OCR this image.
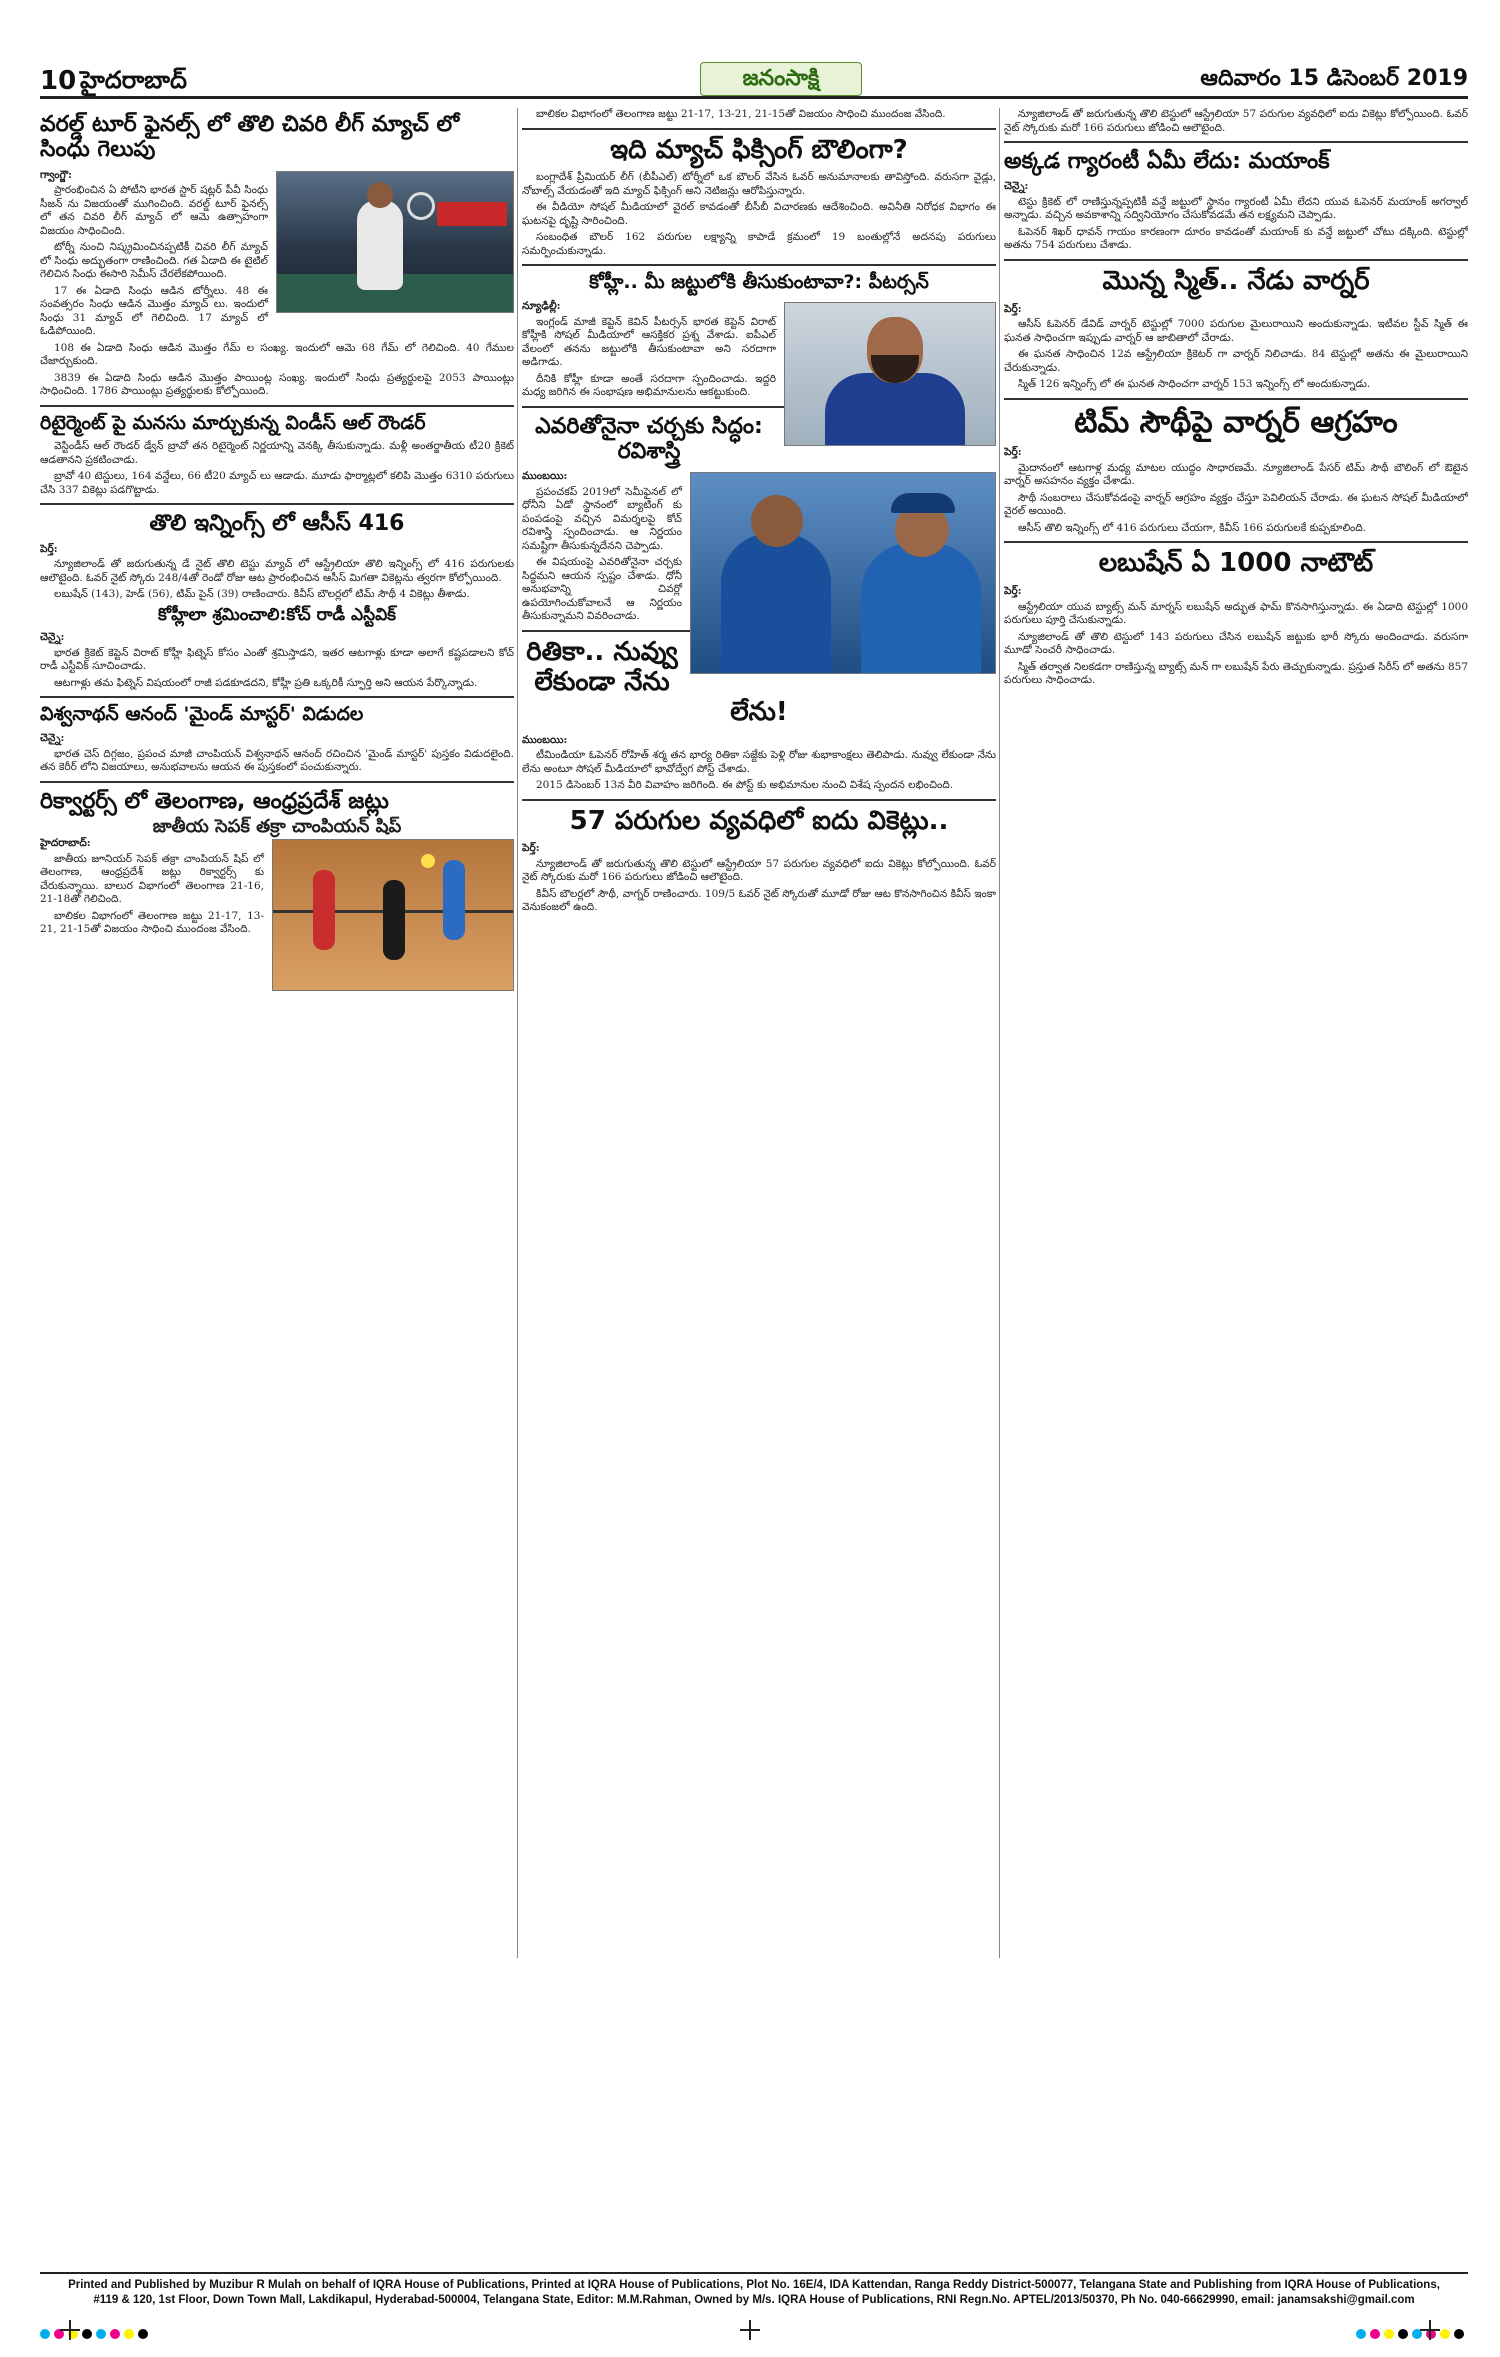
10 హైదరాబాద్	జనంసాక్షి	ఆదివారం 15 డిసెంబర్ 2019
వరల్డ్ టూర్ ఫైనల్స్ లో తొలి చివరి లీగ్ మ్యాచ్ లో సింధు గెలుపు
గ్వాంగ్జౌ:

ప్రారంభించిన ఏ పోటీని భారత స్టార్ షట్లర్ పీవీ సింధు సీజన్ ను విజయంతో ముగించింది. వరల్డ్ టూర్ ఫైనల్స్ లో తన చివరి లీగ్ మ్యాచ్ లో ఆమె ఉత్సాహంగా విజయం సాధించింది.

టోర్నీ నుంచి నిష్క్రమించినప్పటికీ చివరి లీగ్ మ్యాచ్ లో సింధు అద్భుతంగా రాణించింది. గత ఏడాది ఈ టైటిల్ గెలిచిన సింధు ఈసారి సెమీస్ చేరలేకపోయింది.

17 ఈ ఏడాది సింధు ఆడిన టోర్నీలు. 48 ఈ సంవత్సరం సింధు ఆడిన మొత్తం మ్యాచ్ లు. ఇందులో సింధు 31 మ్యాచ్ లో గెలిచింది. 17 మ్యాచ్ లో ఓడిపోయింది.

108 ఈ ఏడాది సింధు ఆడిన మొత్తం గేమ్ ల సంఖ్య. ఇందులో ఆమె 68 గేమ్ లో గెలిచింది. 40 గేముల చేజార్చుకుంది.

3839 ఈ ఏడాది సింధు ఆడిన మొత్తం పాయింట్ల సంఖ్య. ఇందులో సింధు ప్రత్యర్థులపై 2053 పాయింట్లు సాధించింది. 1786 పాయింట్లు ప్రత్యర్థులకు కోల్పోయింది.

రిటైర్మెంట్ పై మనసు మార్చుకున్న విండీస్ ఆల్ రౌండర్

వెస్టిండీస్ ఆల్ రౌండర్ డ్వేన్ బ్రావో తన రిటైర్మెంట్ నిర్ణయాన్ని వెనక్కి తీసుకున్నాడు. మళ్లీ అంతర్జాతీయ టీ20 క్రికెట్ ఆడతానని ప్రకటించాడు.

బ్రావో 40 టెస్టులు, 164 వన్డేలు, 66 టీ20 మ్యాచ్ లు ఆడాడు. మూడు ఫార్మాట్లలో కలిపి మొత్తం 6310 పరుగులు చేసి 337 వికెట్లు పడగొట్టాడు.

తొలి ఇన్నింగ్స్ లో ఆసీస్ 416
పెర్త్:

న్యూజిలాండ్ తో జరుగుతున్న డే నైట్ తొలి టెస్టు మ్యాచ్ లో ఆస్ట్రేలియా తొలి ఇన్నింగ్స్ లో 416 పరుగులకు ఆలౌటైంది. ఓవర్ నైట్ స్కోరు 248/4తో రెండో రోజు ఆట ప్రారంభించిన ఆసీస్ మిగతా వికెట్లను త్వరగా కోల్పోయింది.

లబుషేన్ (143), హెడ్ (56), టిమ్ పైన్ (39) రాణించారు. కివీస్ బౌలర్లలో టిమ్ సౌథీ 4 వికెట్లు తీశాడు.

కోహ్లీలా శ్రమించాలి:కోచ్ రాడీ ఎస్టీవిక్
చెన్నై:

భారత క్రికెట్ కెప్టెన్ విరాట్ కోహ్లీ ఫిట్నెస్ కోసం ఎంతో శ్రమిస్తాడని, ఇతర ఆటగాళ్లు కూడా అలాగే కష్టపడాలని కోచ్ రాడీ ఎస్టీవిక్ సూచించాడు.

ఆటగాళ్లు తమ ఫిట్నెస్ విషయంలో రాజీ పడకూడదని, కోహ్లీ ప్రతి ఒక్కరికీ స్ఫూర్తి అని ఆయన పేర్కొన్నాడు.

విశ్వనాథన్ ఆనంద్ 'మైండ్ మాస్టర్' విడుదల
చెన్నై:

భారత చెస్ దిగ్గజం, ప్రపంచ మాజీ చాంపియన్ విశ్వనాథన్ ఆనంద్ రచించిన 'మైండ్ మాస్టర్' పుస్తకం విడుదలైంది. తన కెరీర్ లోని విజయాలు, అనుభవాలను ఆయన ఈ పుస్తకంలో పంచుకున్నారు.

రిక్వార్టర్స్ లో తెలంగాణ, ఆంధ్రప్రదేశ్ జట్లు
జాతీయ సెపక్ తక్రా చాంపియన్ షిప్
హైదరాబాద్:

జాతీయ జూనియర్ సెపక్ తక్రా చాంపియన్ షిప్ లో తెలంగాణ, ఆంధ్రప్రదేశ్ జట్లు రిక్వార్టర్స్ కు చేరుకున్నాయి. బాలుర విభాగంలో తెలంగాణ 21-16, 21-18తో గెలిచింది.

బాలికల విభాగంలో తెలంగాణ జట్టు 21-17, 13-21, 21-15తో విజయం సాధించి ముందంజ వేసింది.

బాలికల విభాగంలో తెలంగాణ జట్టు 21-17, 13-21, 21-15తో విజయం సాధించి ముందంజ వేసింది.

ఇది మ్యాచ్ ఫిక్సింగ్ బౌలింగా?

బంగ్లాదేశ్ ప్రీమియర్ లీగ్ (బీపీఎల్) టోర్నీలో ఒక బౌలర్ వేసిన ఓవర్ అనుమానాలకు తావిస్తోంది. వరుసగా వైడ్లు, నోబాల్స్ వేయడంతో ఇది మ్యాచ్ ఫిక్సింగ్ అని నెటిజన్లు ఆరోపిస్తున్నారు.

ఈ వీడియో సోషల్ మీడియాలో వైరల్ కావడంతో బీసీబీ విచారణకు ఆదేశించింది. అవినీతి నిరోధక విభాగం ఈ ఘటనపై దృష్టి సారించింది.

సంబంధిత బౌలర్ 162 పరుగుల లక్ష్యాన్ని కాపాడే క్రమంలో 19 బంతుల్లోనే అదనపు పరుగులు సమర్పించుకున్నాడు.

కోహ్లీ.. మీ జట్టులోకి తీసుకుంటావా?: పీటర్సన్
న్యూఢిల్లీ:

ఇంగ్లండ్ మాజీ కెప్టెన్ కెవిన్ పీటర్సన్ భారత కెప్టెన్ విరాట్ కోహ్లీకి సోషల్ మీడియాలో ఆసక్తికర ప్రశ్న వేశాడు. ఐపీఎల్ వేలంలో తనను జట్టులోకి తీసుకుంటావా అని సరదాగా అడిగాడు.

దీనికి కోహ్లీ కూడా అంతే సరదాగా స్పందించాడు. ఇద్దరి మధ్య జరిగిన ఈ సంభాషణ అభిమానులను ఆకట్టుకుంది.

ఎవరితోనైనా చర్చకు సిద్ధం: రవిశాస్త్రి
ముంబయి:

ప్రపంచకప్ 2019లో సెమీఫైనల్ లో ధోనీని ఏడో స్థానంలో బ్యాటింగ్ కు పంపడంపై వచ్చిన విమర్శలపై కోచ్ రవిశాస్త్రి స్పందించాడు. ఆ నిర్ణయం సమష్టిగా తీసుకున్నదేనని చెప్పాడు.

ఈ విషయంపై ఎవరితోనైనా చర్చకు సిద్ధమని ఆయన స్పష్టం చేశాడు. ధోనీ అనుభవాన్ని చివర్లో ఉపయోగించుకోవాలనే ఆ నిర్ణయం తీసుకున్నామని వివరించాడు.

రితికా.. నువ్వు లేకుండా నేను లేను!
ముంబయి:

టీమిండియా ఓపెనర్ రోహిత్ శర్మ తన భార్య రితికా సజ్దేకు పెళ్లి రోజు శుభాకాంక్షలు తెలిపాడు. నువ్వు లేకుండా నేను లేను అంటూ సోషల్ మీడియాలో భావోద్వేగ పోస్ట్ చేశాడు.

2015 డిసెంబర్ 13న వీరి వివాహం జరిగింది. ఈ పోస్ట్ కు అభిమానుల నుంచి విశేష స్పందన లభించింది.

57 పరుగుల వ్యవధిలో ఐదు వికెట్లు..
పెర్త్:

న్యూజిలాండ్ తో జరుగుతున్న తొలి టెస్టులో ఆస్ట్రేలియా 57 పరుగుల వ్యవధిలో ఐదు వికెట్లు కోల్పోయింది. ఓవర్ నైట్ స్కోరుకు మరో 166 పరుగులు జోడించి ఆలౌటైంది.

కివీస్ బౌలర్లలో సౌథీ, వాగ్నర్ రాణించారు. 109/5 ఓవర్ నైట్ స్కోరుతో మూడో రోజు ఆట కొనసాగించిన కివీస్ ఇంకా వెనుకంజలో ఉంది.

న్యూజిలాండ్ తో జరుగుతున్న తొలి టెస్టులో ఆస్ట్రేలియా 57 పరుగుల వ్యవధిలో ఐదు వికెట్లు కోల్పోయింది. ఓవర్ నైట్ స్కోరుకు మరో 166 పరుగులు జోడించి ఆలౌటైంది.

అక్కడ గ్యారంటీ ఏమీ లేదు: మయాంక్
చెన్నై:

టెస్టు క్రికెట్ లో రాణిస్తున్నప్పటికీ వన్డే జట్టులో స్థానం గ్యారంటీ ఏమీ లేదని యువ ఓపెనర్ మయాంక్ అగర్వాల్ అన్నాడు. వచ్చిన అవకాశాన్ని సద్వినియోగం చేసుకోవడమే తన లక్ష్యమని చెప్పాడు.

ఓపెనర్ శిఖర్ ధావన్ గాయం కారణంగా దూరం కావడంతో మయాంక్ కు వన్డే జట్టులో చోటు దక్కింది. టెస్టుల్లో అతను 754 పరుగులు చేశాడు.

మొన్న స్మిత్.. నేడు వార్నర్
పెర్త్:

ఆసీస్ ఓపెనర్ డేవిడ్ వార్నర్ టెస్టుల్లో 7000 పరుగుల మైలురాయిని అందుకున్నాడు. ఇటీవల స్టీవ్ స్మిత్ ఈ ఘనత సాధించగా ఇప్పుడు వార్నర్ ఆ జాబితాలో చేరాడు.

ఈ ఘనత సాధించిన 12వ ఆస్ట్రేలియా క్రికెటర్ గా వార్నర్ నిలిచాడు. 84 టెస్టుల్లో అతను ఈ మైలురాయిని చేరుకున్నాడు.

స్మిత్ 126 ఇన్నింగ్స్ లో ఈ ఘనత సాధించగా వార్నర్ 153 ఇన్నింగ్స్ లో అందుకున్నాడు.

టిమ్ సౌథీపై వార్నర్ ఆగ్రహం
పెర్త్:

మైదానంలో ఆటగాళ్ల మధ్య మాటల యుద్ధం సాధారణమే. న్యూజిలాండ్ పేసర్ టిమ్ సౌథీ బౌలింగ్ లో ఔటైన వార్నర్ అసహనం వ్యక్తం చేశాడు.

సౌథీ సంబరాలు చేసుకోవడంపై వార్నర్ ఆగ్రహం వ్యక్తం చేస్తూ పెవిలియన్ చేరాడు. ఈ ఘటన సోషల్ మీడియాలో వైరల్ అయింది.

ఆసీస్ తొలి ఇన్నింగ్స్ లో 416 పరుగులు చేయగా, కివీస్ 166 పరుగులకే కుప్పకూలింది.

లబుషేన్ ఏ 1000 నాటౌట్
పెర్త్:

ఆస్ట్రేలియా యువ బ్యాట్స్ మన్ మార్నస్ లబుషేన్ అద్భుత ఫామ్ కొనసాగిస్తున్నాడు. ఈ ఏడాది టెస్టుల్లో 1000 పరుగులు పూర్తి చేసుకున్నాడు.

న్యూజిలాండ్ తో తొలి టెస్టులో 143 పరుగులు చేసిన లబుషేన్ జట్టుకు భారీ స్కోరు అందించాడు. వరుసగా మూడో సెంచరీ సాధించాడు.

స్మిత్ తర్వాత నిలకడగా రాణిస్తున్న బ్యాట్స్ మన్ గా లబుషేన్ పేరు తెచ్చుకున్నాడు. ప్రస్తుత సిరీస్ లో అతను 857 పరుగులు సాధించాడు.

Printed and Published by Muzibur R Mulah on behalf of IQRA House of Publications, Printed at IQRA House of Publications, Plot No. 16E/4, IDA Kattendan, Ranga Reddy District-500077, Telangana State and Publishing from IQRA House of Publications,
#119 & 120, 1st Floor, Down Town Mall, Lakdikapul, Hyderabad-500004, Telangana State, Editor: M.M.Rahman, Owned by M/s. IQRA House of Publications, RNI Regn.No. APTEL/2013/50370, Ph No. 040-66629990, email: janamsakshi@gmail.com
